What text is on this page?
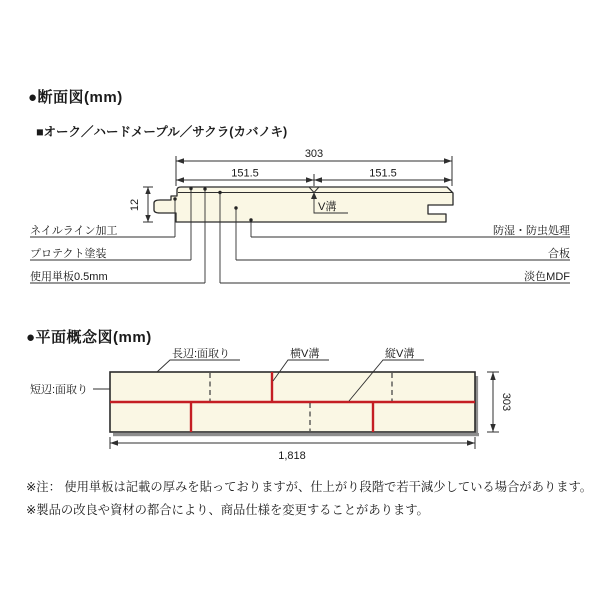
303
151.5	151.5
12	V溝
ネイルライン加工
プロテクト塗装
使用単板0.5mm
防湿・防虫処理
合板
淡色MDF
長辺:面取り	横V溝	縦V溝
短辺:面取り
303
1,818
●断面図(mm)
■オーク／ハードメープル／サクラ(カバノキ)
●平面概念図(mm)
※注： 使用単板は記載の厚みを貼っておりますが、仕上がり段階で若干減少している場合があります。
※製品の改良や資材の都合により、商品仕様を変更することがあります。
